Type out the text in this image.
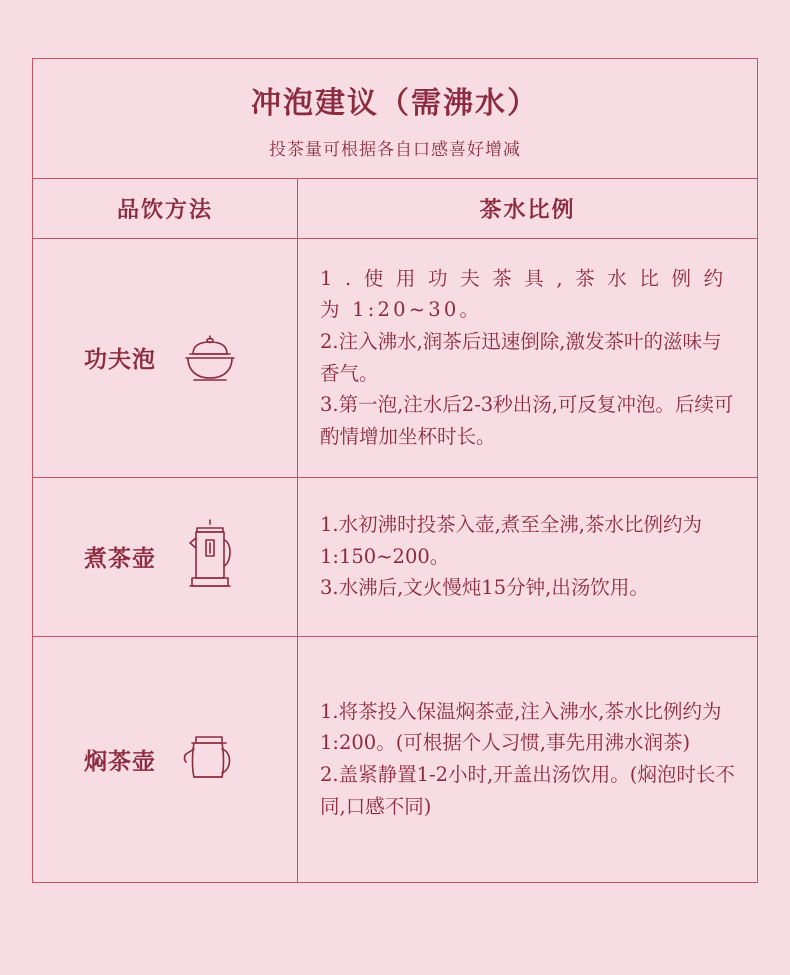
冲泡建议（需沸水）
投茶量可根据各自口感喜好增减
品饮方法	茶水比例
功夫泡

1 . 使 用 功 夫 茶 具 , 茶 水 比 例 约 为 1:20~30。

2.注入沸水,润茶后迅速倒除,激发茶叶的滋味与香气。

3.第一泡,注水后2-3秒出汤,可反复冲泡。后续可酌情增加坐杯时长。

煮茶壶

1.水初沸时投茶入壶,煮至全沸,茶水比例约为1:150~200。

3.水沸后,文火慢炖15分钟,出汤饮用。

焖茶壶

1.将茶投入保温焖茶壶,注入沸水,茶水比例约为1:200。(可根据个人习惯,事先用沸水润茶)

2.盖紧静置1-2小时,开盖出汤饮用。(焖泡时长不同,口感不同)
